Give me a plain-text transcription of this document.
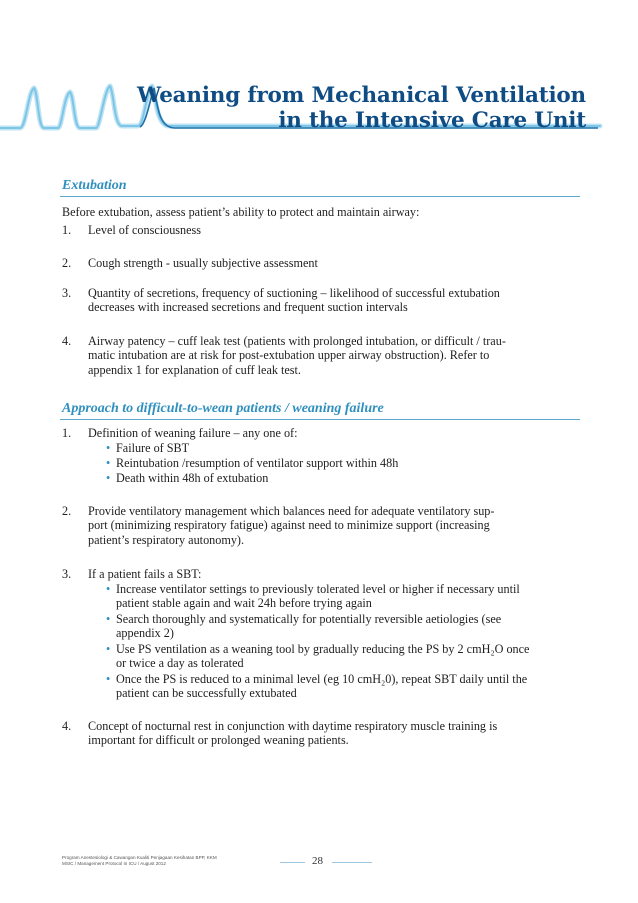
Weaning from Mechanical Ventilation
in the Intensive Care Unit

Extubation

Before extubation, assess patient’s ability to protect and maintain airway:

1. Level of consciousness

2. Cough strength - usually subjective assessment

3. Quantity of secretions, frequency of suctioning – likelihood of successful extubation
decreases with increased secretions and frequent suction intervals
4. Airway patency – cuff leak test (patients with prolonged intubation, or difficult / trau-
matic intubation are at risk for post-extubation upper airway obstruction). Refer to
appendix 1 for explanation of cuff leak test.

Approach to difficult-to-wean patients / weaning failure

1. Definition of weaning failure – any one of:

• Failure of SBT

• Reintubation /resumption of ventilator support within 48h

• Death within 48h of extubation

2. Provide ventilatory management which balances need for adequate ventilatory sup-
port (minimizing respiratory fatigue) against need to minimize support (increasing
patient’s respiratory autonomy).
3. If a patient fails a SBT:

• Increase ventilator settings to previously tolerated level or higher if necessary until
patient stable again and wait 24h before trying again
• Search thoroughly and systematically for potentially reversible aetiologies (see
appendix 2)
• Use PS ventilation as a weaning tool by gradually reducing the PS by 2 cmH₂O once
or twice a day as tolerated
• Once the PS is reduced to a minimal level (eg 10 cmH₂0), repeat SBT daily until the
patient can be successfully extubated
4. Concept of nocturnal rest in conjunction with daytime respiratory muscle training is
important for difficult or prolonged weaning patients.
Program Anestesiologi & Cawangan Kualiti Penjagaan Kesihatan BPP, KKM
MSIC / Management Protocol In ICU / August 2012	28
